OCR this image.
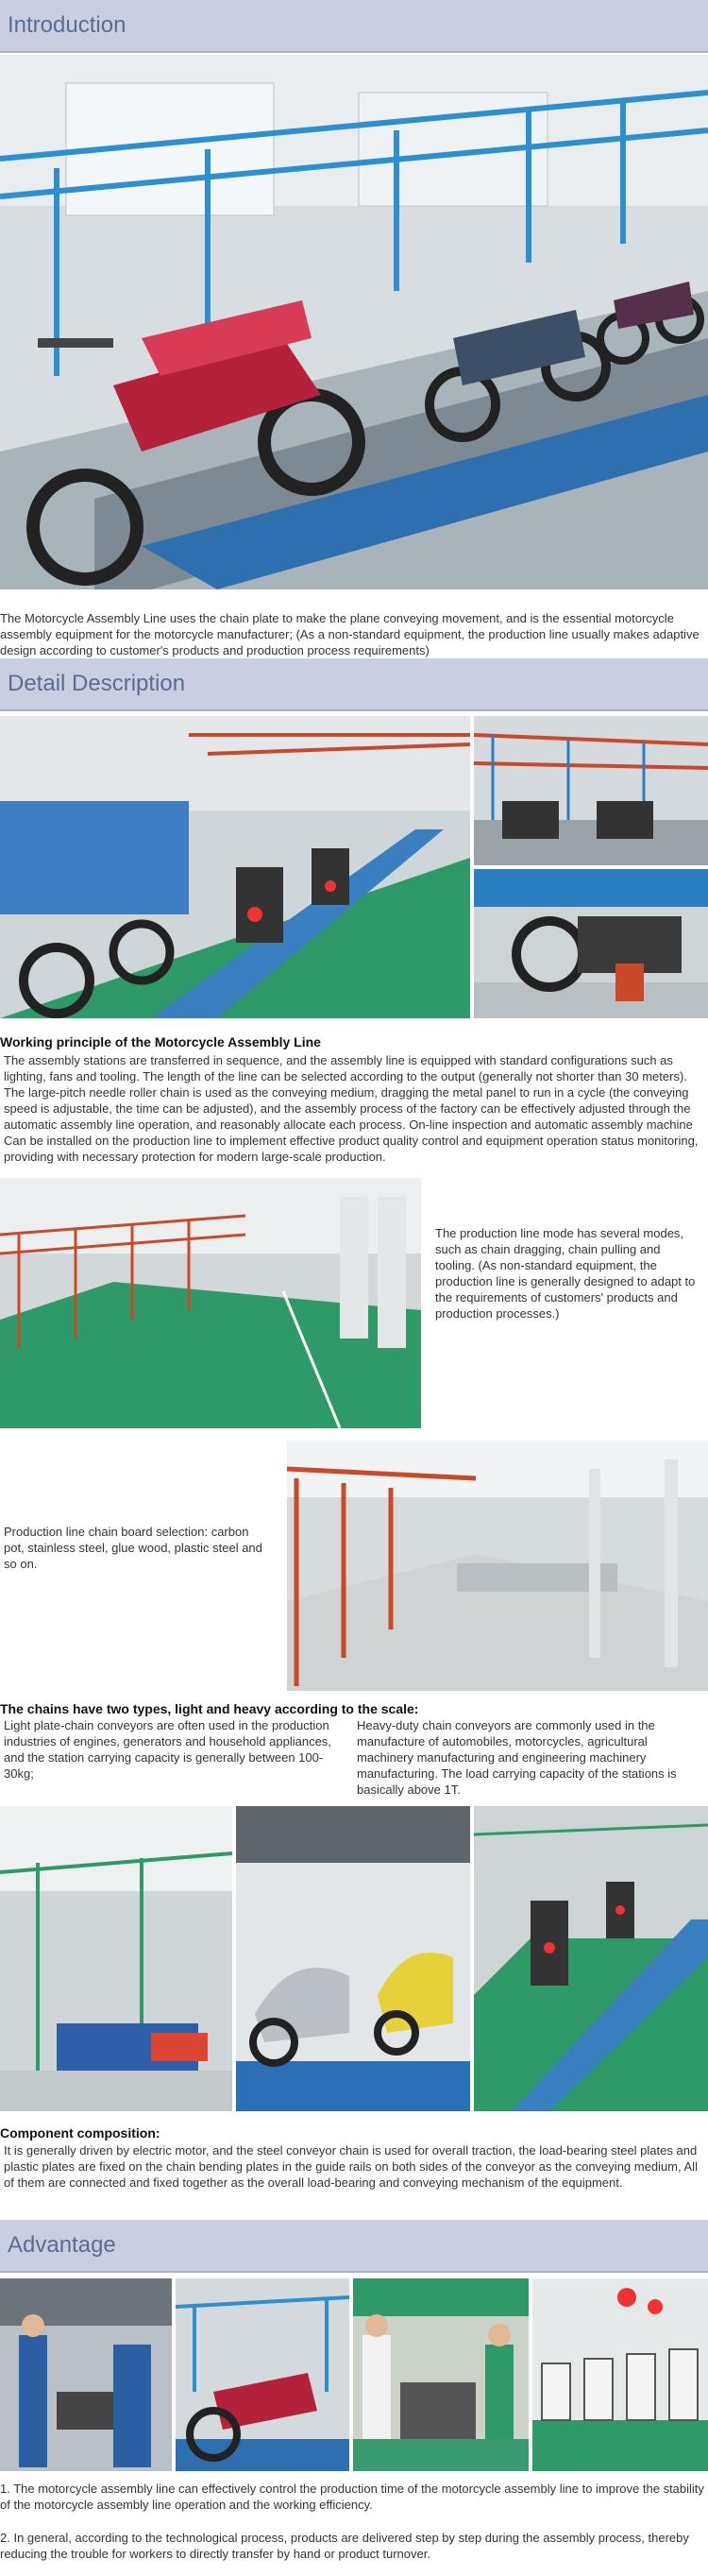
Introduction
The Motorcycle Assembly Line uses the chain plate to make the plane conveying movement, and is the essential motorcycle assembly equipment for the motorcycle manufacturer; (As a non-standard equipment, the production line usually makes adaptive design according to customer's products and production process requirements)
Detail Description
Working principle of the Motorcycle Assembly Line
The assembly stations are transferred in sequence, and the assembly line is equipped with standard configurations such as lighting, fans and tooling. The length of the line can be selected according to the output (generally not shorter than 30 meters). The large-pitch needle roller chain is used as the conveying medium, dragging the metal panel to run in a cycle (the conveying speed is adjustable, the time can be adjusted), and the assembly process of the factory can be effectively adjusted through the automatic assembly line operation, and reasonably allocate each process. On-line inspection and automatic assembly machine Can be installed on the production line to implement effective product quality control and equipment operation status monitoring, providing with necessary protection for modern large-scale production.
The production line mode has several modes, such as chain dragging, chain pulling and tooling. (As non-standard equipment, the production line is generally designed to adapt to the requirements of customers' products and production processes.)
Production line chain board selection: carbon pot, stainless steel, glue wood, plastic steel and so on.
The chains have two types, light and heavy according to the scale:
Light plate-chain conveyors are often used in the production industries of engines, generators and household appliances, and the station carrying capacity is generally between 100-30kg;
Heavy-duty chain conveyors are commonly used in the manufacture of automobiles, motorcycles, agricultural machinery manufacturing and engineering machinery manufacturing. The load carrying capacity of the stations is basically above 1T.
Component composition:
It is generally driven by electric motor, and the steel conveyor chain is used for overall traction, the load-bearing steel plates and plastic plates are fixed on the chain bending plates in the guide rails on both sides of the conveyor as the conveying medium, All of them are connected and fixed together as the overall load-bearing and conveying mechanism of the equipment.
Advantage
1. The motorcycle assembly line can effectively control the production time of the motorcycle assembly line to improve the stability of the motorcycle assembly line operation and the working efficiency.
2. In general, according to the technological process, products are delivered step by step during the assembly process, thereby reducing the trouble for workers to directly transfer by hand or product turnover.
